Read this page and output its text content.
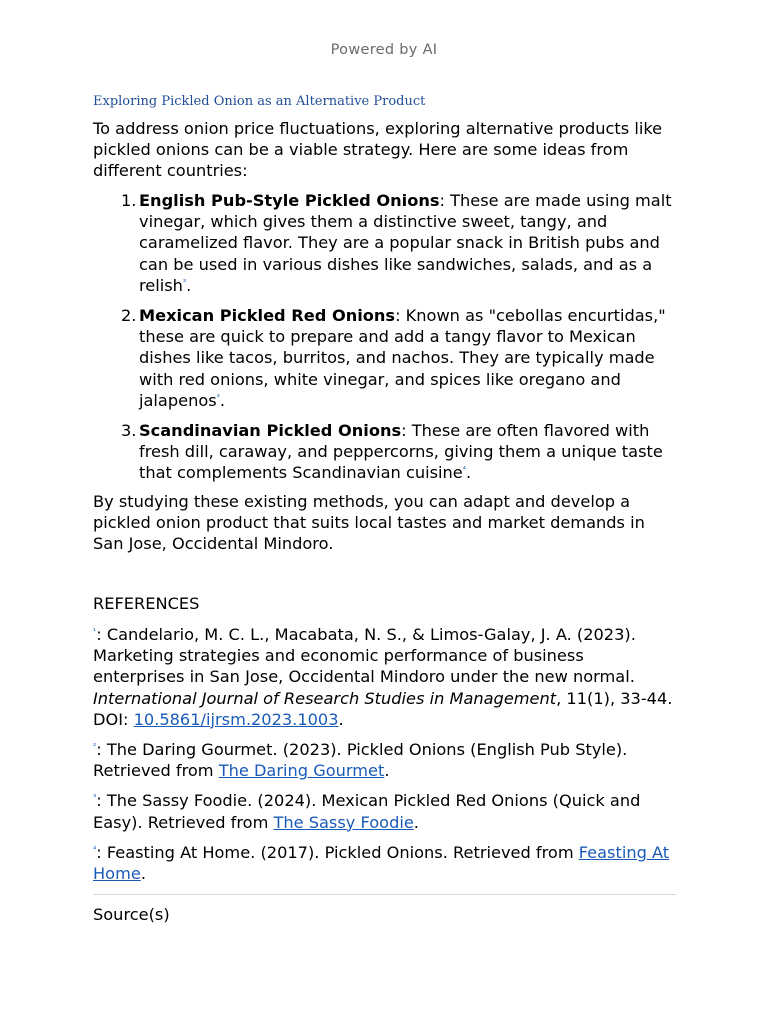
Powered by AI
Exploring Pickled Onion as an Alternative Product

To address onion price fluctuations, exploring alternative products like pickled onions can be a viable strategy. Here are some ideas from different countries:

1. English Pub-Style Pickled Onions: These are made using malt vinegar, which gives them a distinctive sweet, tangy, and caramelized flavor. They are a popular snack in British pubs and can be used in various dishes like sandwiches, salads, and as a relish$^{^2}$.
2. Mexican Pickled Red Onions: Known as "cebollas encurtidas," these are quick to prepare and add a tangy flavor to Mexican dishes like tacos, burritos, and nachos. They are typically made with red onions, white vinegar, and spices like oregano and jalapenos$^{^3}$.
3. Scandinavian Pickled Onions: These are often flavored with fresh dill, caraway, and peppercorns, giving them a unique taste that complements Scandinavian cuisine$^{^4}$.

By studying these existing methods, you can adapt and develop a pickled onion product that suits local tastes and market demands in San Jose, Occidental Mindoro.

REFERENCES

$^{^1}$: Candelario, M. C. L., Macabata, N. S., & Limos-Galay, J. A. (2023). Marketing strategies and economic performance of business enterprises in San Jose, Occidental Mindoro under the new normal. International Journal of Research Studies in Management, 11(1), 33-44. DOI: 10.5861/ijrsm.2023.1003.

$^{^2}$: The Daring Gourmet. (2023). Pickled Onions (English Pub Style). Retrieved from The Daring Gourmet.

$^{^3}$: The Sassy Foodie. (2024). Mexican Pickled Red Onions (Quick and Easy). Retrieved from The Sassy Foodie.

$^{^4}$: Feasting At Home. (2017). Pickled Onions. Retrieved from Feasting At Home.

Source(s)
